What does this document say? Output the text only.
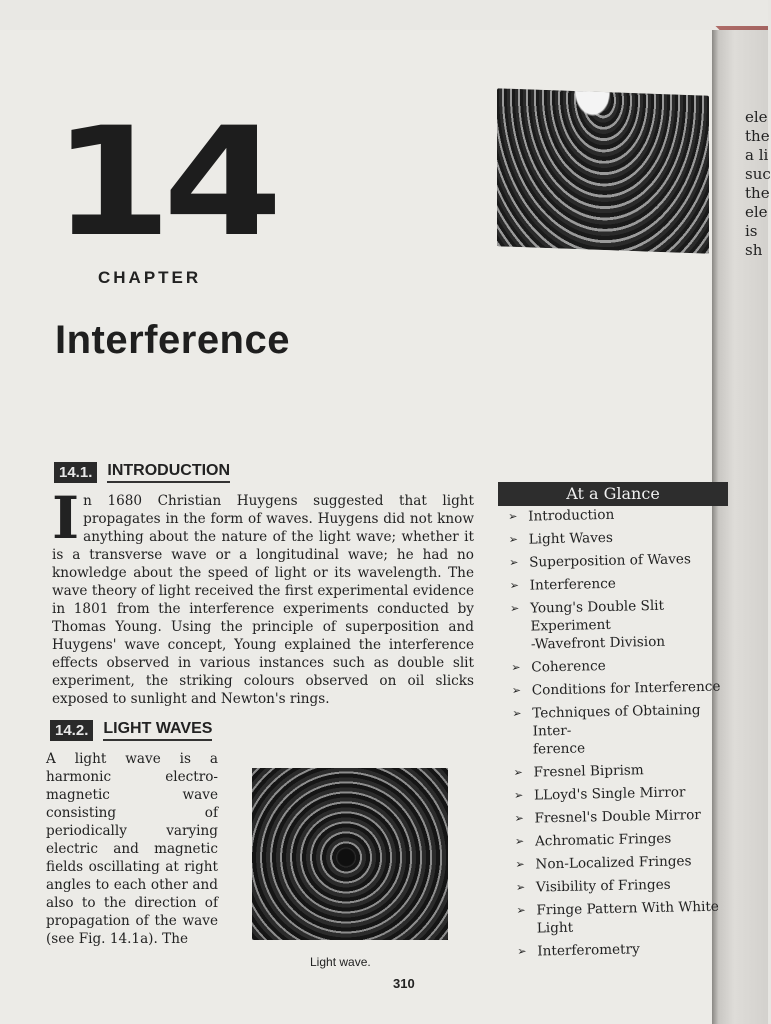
ele
the
a li
suc
the
ele
is
sh
14
CHAPTER
Interference
14.1. INTRODUCTION
I n 1680 Christian Huygens suggested that light propagates in the form of waves. Huygens did not know anything about the nature of the light wave; whether it is a transverse wave or a longitudinal wave; he had no knowledge about the speed of light or its wavelength. The wave theory of light received the first experimental evidence in 1801 from the interference experiments conducted by Thomas Young. Using the principle of superposition and Huygens' wave concept, Young explained the interference effects observed in various instances such as double slit experiment, the striking colours observed on oil slicks exposed to sunlight and Newton's rings.
14.2. LIGHT WAVES
A light wave is a harmonic electro-magnetic wave consisting of periodically varying electric and magnetic fields oscillating at right angles to each other and also to the direction of propagation of the wave (see Fig. 14.1a). The
Light wave.
310
At a Glance
➢ Introduction
➢ Light Waves
➢ Superposition of Waves
➢ Interference
➢ Young's Double Slit Experiment
-Wavefront Division
➢ Coherence
➢ Conditions for Interference
➢ Techniques of Obtaining Inter-
ference
➢ Fresnel Biprism
➢ LLoyd's Single Mirror
➢ Fresnel's Double Mirror
➢ Achromatic Fringes
➢ Non-Localized Fringes
➢ Visibility of Fringes
➢ Fringe Pattern With White Light
➢ Interferometry
